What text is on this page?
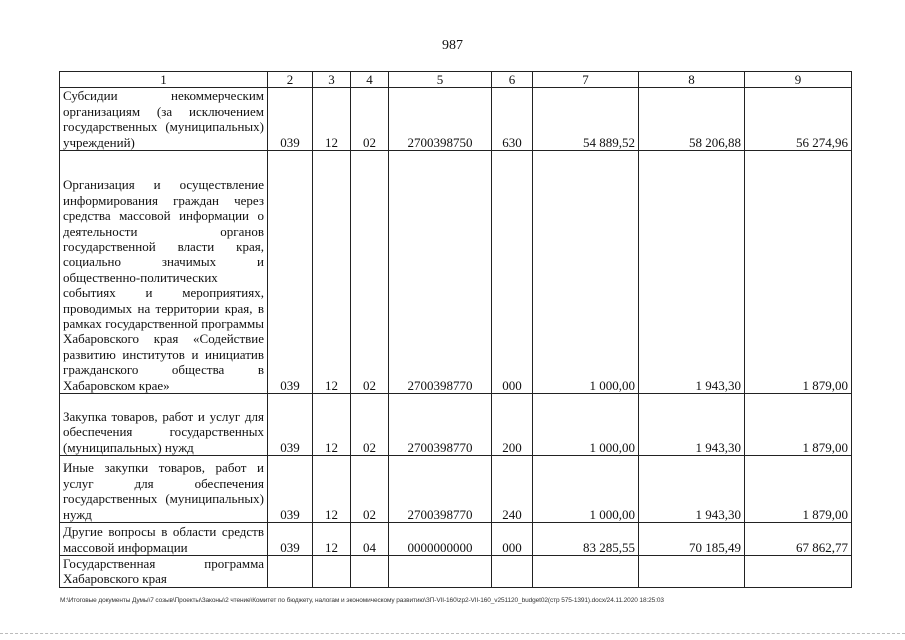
987
1	2	3	4	5	6	7	8	9
Субсидии некоммерческим организациям (за исключением государственных (муниципальных) учреждений)	039	12	02	2700398750	630	54 889,52	58 206,88	56 274,96
Организация и осуществление информирования граждан через средства массовой информации о деятельности органов государственной власти края, социально значимых и общественно-политических событиях и мероприятиях, проводимых на территории края, в рамках государственной программы Хабаровского края «Содействие развитию институтов и инициатив гражданского общества в Хабаровском крае»	039	12	02	2700398770	000	1 000,00	1 943,30	1 879,00
Закупка товаров, работ и услуг для обеспечения государственных (муниципальных) нужд	039	12	02	2700398770	200	1 000,00	1 943,30	1 879,00
Иные закупки товаров, работ и услуг для обеспечения государственных (муниципальных) нужд	039	12	02	2700398770	240	1 000,00	1 943,30	1 879,00
Другие вопросы в области средств массовой информации	039	12	04	0000000000	000	83 285,55	70 185,49	67 862,77
Государственная программа Хабаровского края								
M:\Итоговые документы Думы\7 созыв\Проекты\Законы\2 чтение\Комитет по бюджету, налогам и экономическому развитию\ЗП-VII-160\zp2-VII-160_v251120_budget02(стр 575-1391).docx/24.11.2020 18:25:03
